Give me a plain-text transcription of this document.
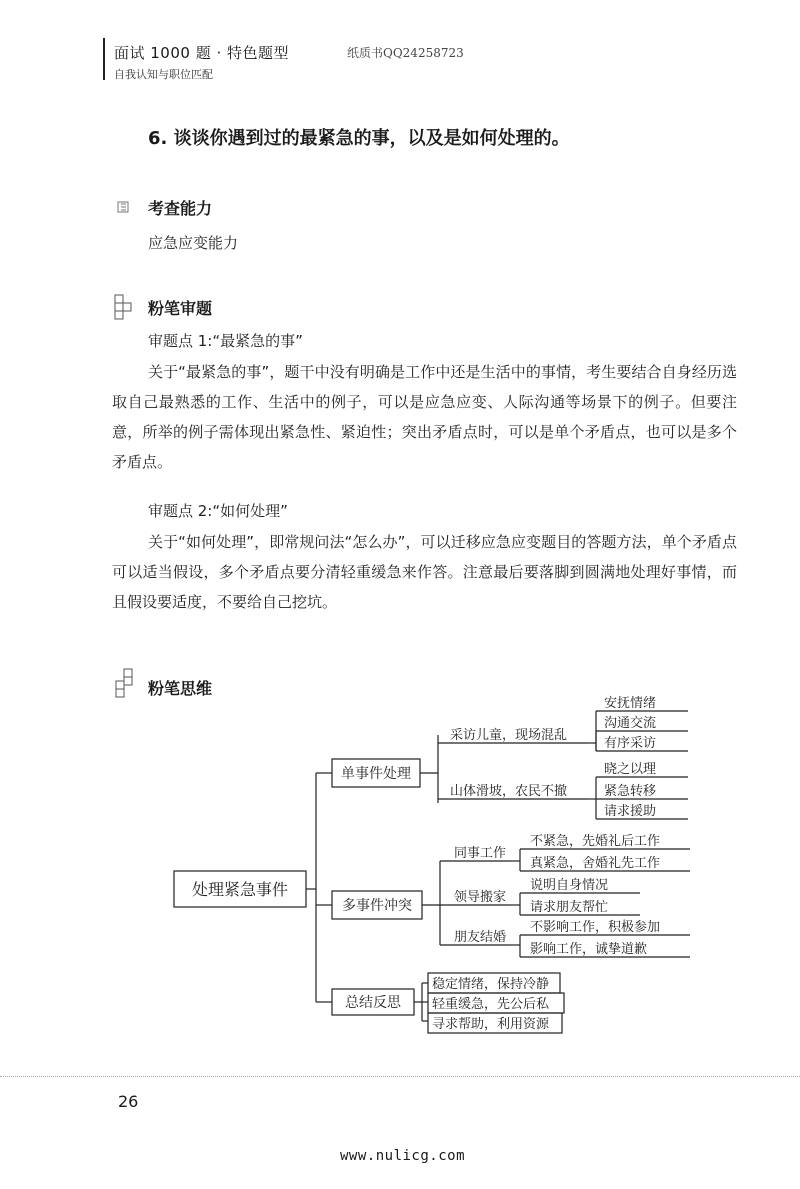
面试 1000 题 · 特色题型
自我认知与职位匹配
纸质书QQ24258723
6. 谈谈你遇到过的最紧急的事，以及是如何处理的。
考查能力
应急应变能力
粉笔审题
审题点 1:“最紧急的事”
关于“最紧急的事”，题干中没有明确是工作中还是生活中的事情，考生要结合自身经历选取自己最熟悉的工作、生活中的例子，可以是应急应变、人际沟通等场景下的例子。但要注意，所举的例子需体现出紧急性、紧迫性；突出矛盾点时，可以是单个矛盾点，也可以是多个矛盾点。
审题点 2:“如何处理”
关于“如何处理”，即常规问法“怎么办”，可以迁移应急应变题目的答题方法，单个矛盾点可以适当假设，多个矛盾点要分清轻重缓急来作答。注意最后要落脚到圆满地处理好事情，而且假设要适度，不要给自己挖坑。
粉笔思维
处理紧急事件
单事件处理
多事件冲突
总结反思
采访儿童，现场混乱
山体滑坡，农民不撤
安抚情绪
沟通交流
有序采访
晓之以理
紧急转移
请求援助
同事工作
领导搬家
朋友结婚
不紧急，先婚礼后工作
真紧急，舍婚礼先工作
说明自身情况
请求朋友帮忙
不影响工作，积极参加
影响工作，诚挚道歉
稳定情绪，保持冷静
轻重缓急，先公后私
寻求帮助，利用资源
26
www.nulicg.com
